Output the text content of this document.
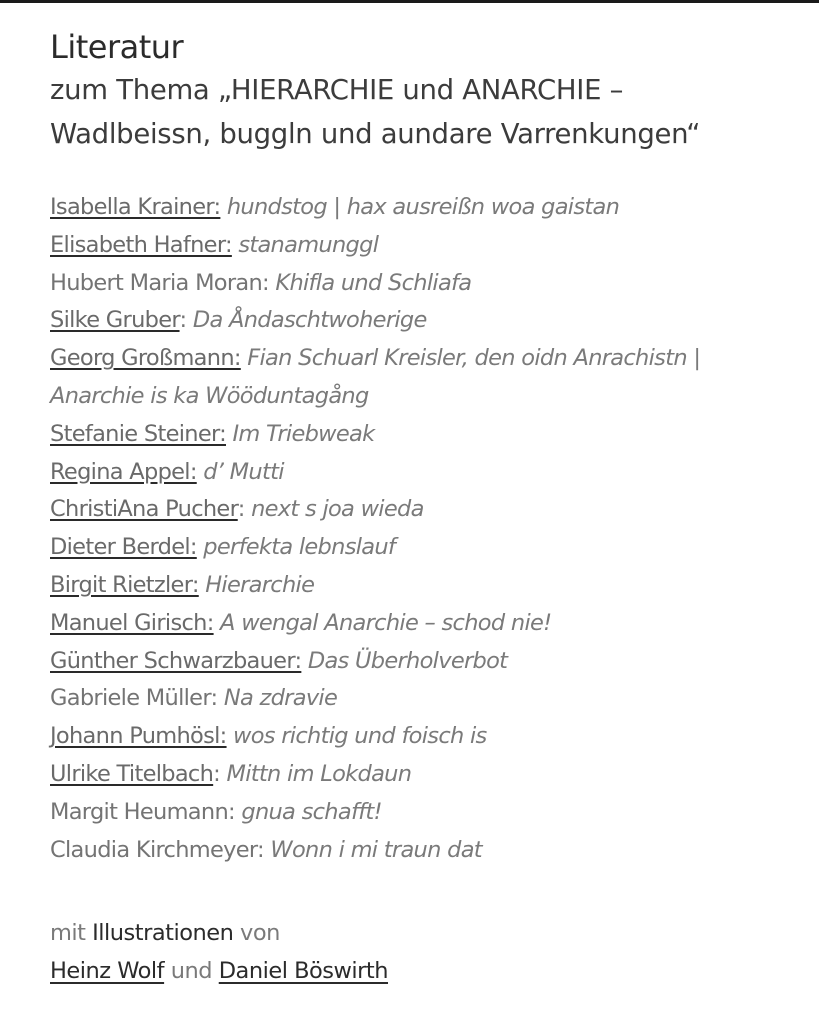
Literatur
zum Thema „HIERARCHIE und ANARCHIE –
Wadlbeissn, buggln und aundare Varrenkungen“
Isabella Krainer: hundstog | hax ausreißn woa gaistan
Elisabeth Hafner: stanamunggl
Hubert Maria Moran: Khifla und Schliafa
Silke Gruber: Da Åndaschtwoherige
Georg Großmann: Fian Schuarl Kreisler, den oidn Anrachistn |
Anarchie is ka Wööduntagång
Stefanie Steiner: Im Triebweak
Regina Appel: d’ Mutti
ChristiAna Pucher: next s joa wieda
Dieter Berdel: perfekta lebnslauf
Birgit Rietzler: Hierarchie
Manuel Girisch: A wengal Anarchie – schod nie!
Günther Schwarzbauer: Das Überholverbot
Gabriele Müller: Na zdravie
Johann Pumhösl: wos richtig und foisch is
Ulrike Titelbach: Mittn im Lokdaun
Margit Heumann: gnua schafft!
Claudia Kirchmeyer: Wonn i mi traun dat
mit Illustrationen von
Heinz Wolf und Daniel Böswirth
